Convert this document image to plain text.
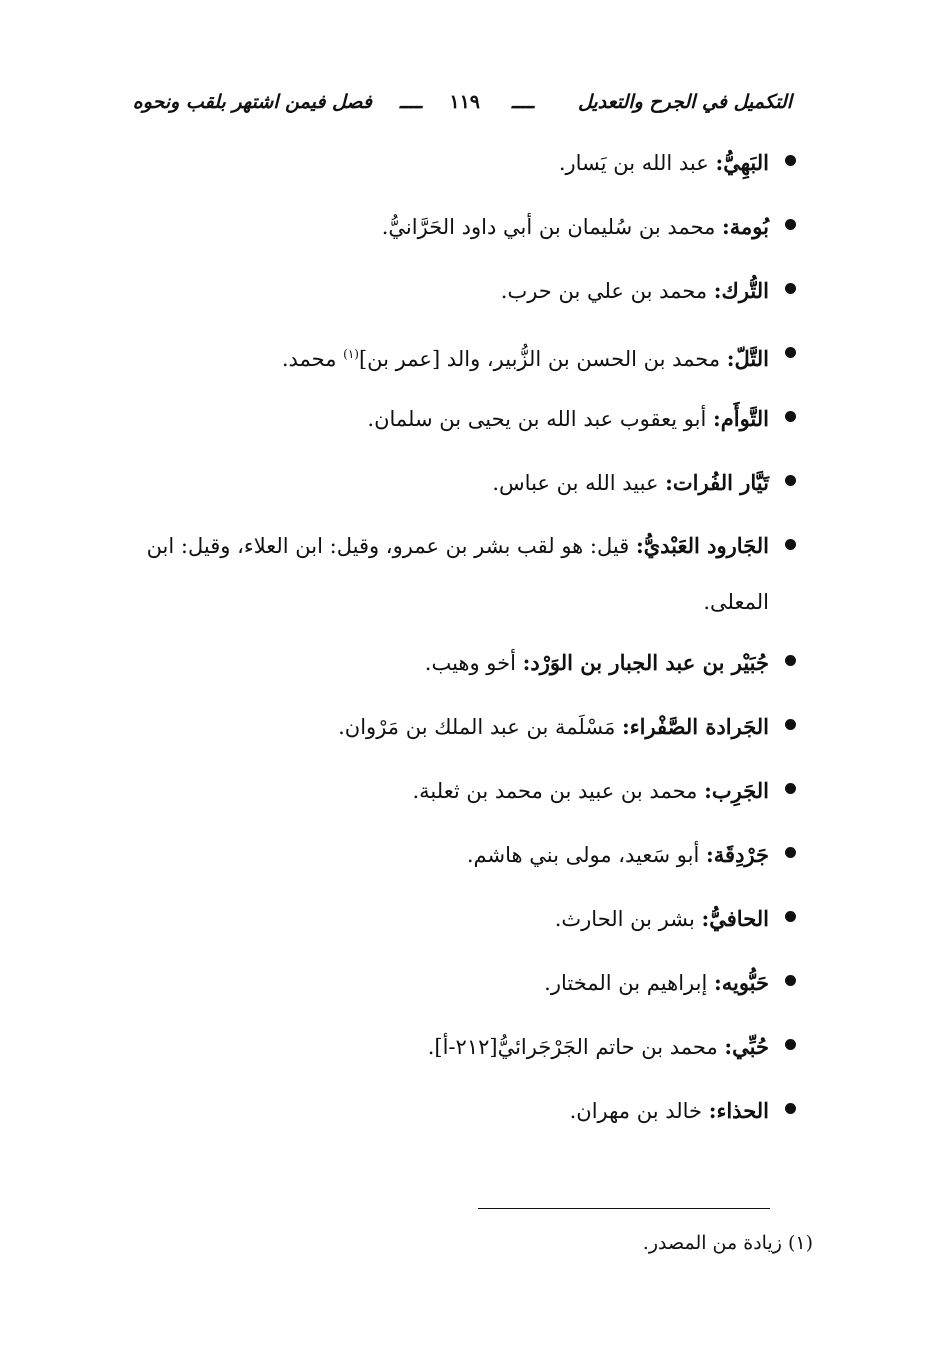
التكميل في الجرح والتعديل
ــــ
١١٩
ــــ
فصل فيمن اشتهر بلقب ونحوه
البَهِيُّ: عبد الله بن يَسار.
بُومة: محمد بن سُليمان بن أبي داود الحَرَّانيُّ.
التُّرك: محمد بن علي بن حرب.
التَّلّ: محمد بن الحسن بن الزُّبير، والد [عمر بن]$^{(١)}$ محمد.
التَّوأَم: أبو يعقوب عبد الله بن يحيى بن سلمان.
تَيَّار الفُرات: عبيد الله بن عباس.
الجَارود العَبْديُّ: قيل: هو لقب بشر بن عمرو، وقيل: ابن العلاء، وقيل: ابن المعلى.
جُبَيْر بن عبد الجبار بن الوَرْد: أخو وهيب.
الجَرادة الصَّفْراء: مَسْلَمة بن عبد الملك بن مَرْوان.
الجَرِب: محمد بن عبيد بن محمد بن ثعلبة.
جَرْدِقَة: أبو سَعيد، مولى بني هاشم.
الحافيُّ: بشر بن الحارث.
حَبُّويه: إبراهيم بن المختار.
حُبِّي: محمد بن حاتم الجَرْجَرائيُّ[٢١٢-أ].
الحذاء: خالد بن مهران.
(١) زيادة من المصدر.
